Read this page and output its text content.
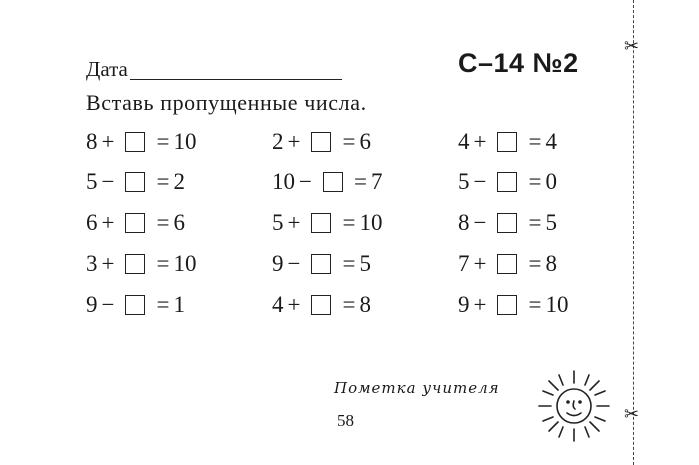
Дата	С–14 №2
Вставь пропущенные числа.
8 + = 10	2 + = 6	4 + = 4
5 − = 2	10 − = 7	5 − = 0
6 + = 6	5 + = 10	8 − = 5
3 + = 10	9 − = 5	7 + = 8
9 − = 1	4 + = 8	9 + = 10
Пометка учителя
58
✂
✂
